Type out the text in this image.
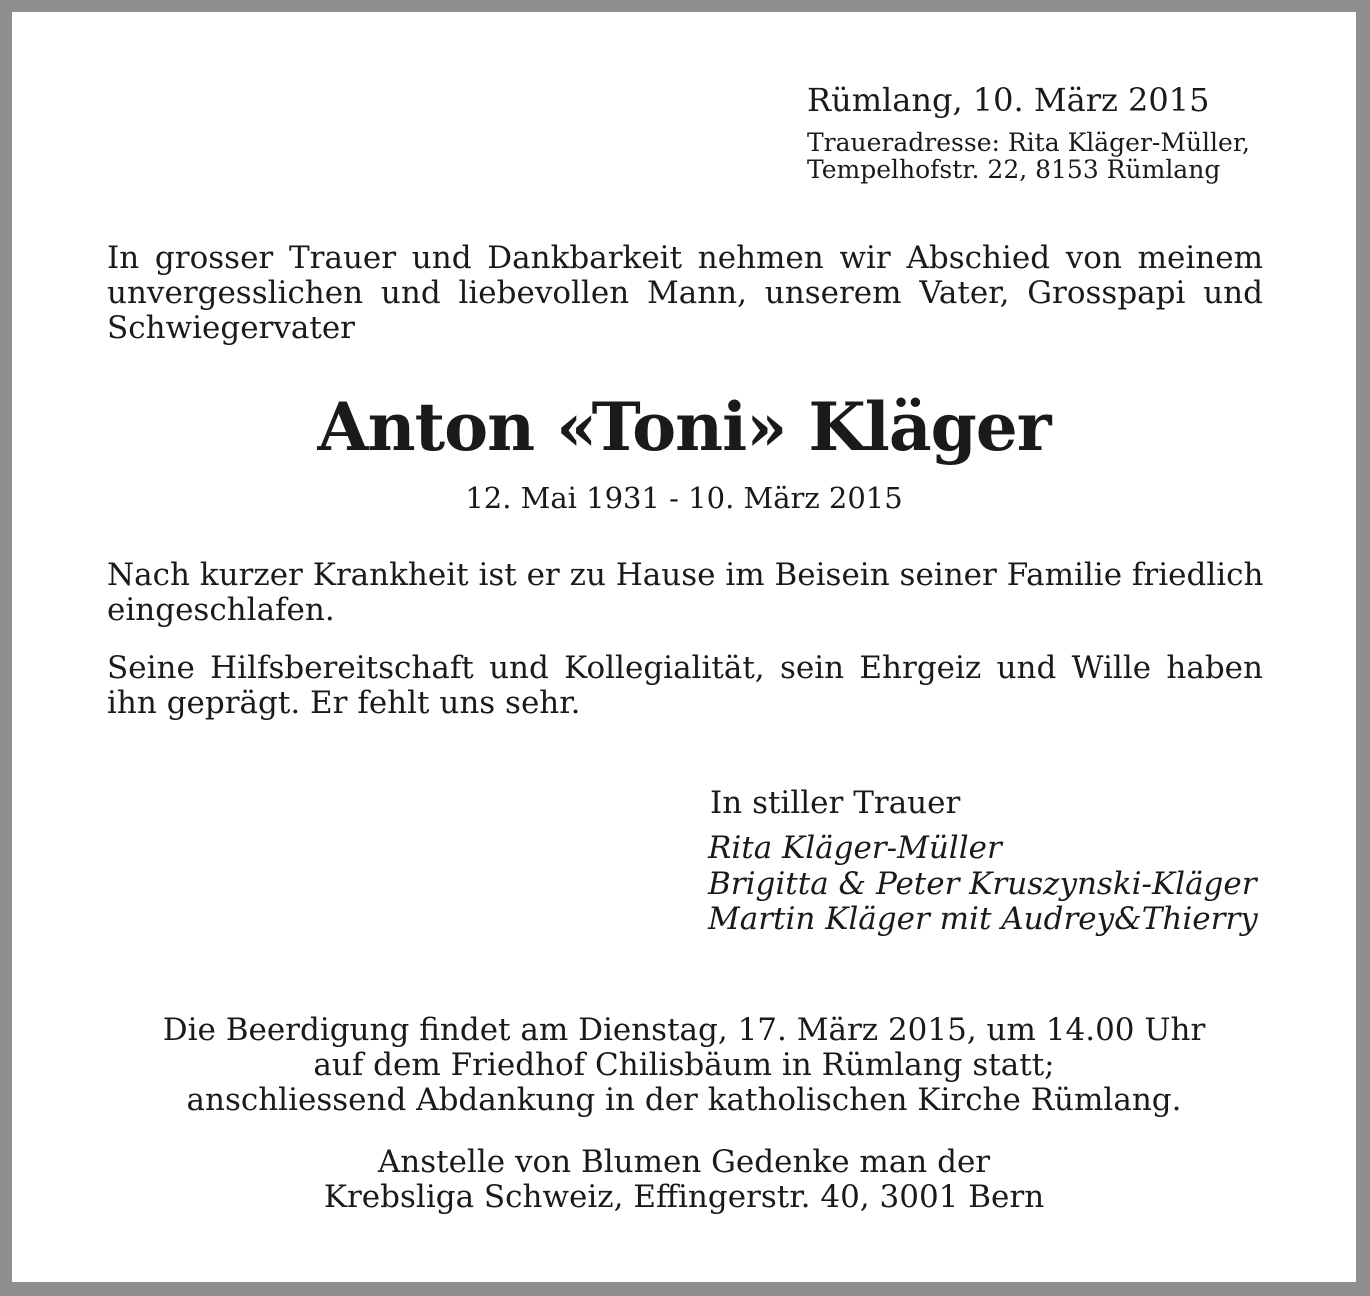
Rümlang, 10. März 2015

Traueradresse: Rita Kläger-Müller,

Tempelhofstr. 22, 8153 Rümlang

In grosser Trauer und Dankbarkeit nehmen wir Abschied von meinem

unvergesslichen und liebevollen Mann, unserem Vater, Grosspapi und

Schwiegervater

Anton «Toni» Kläger

12. Mai 1931 - 10. März 2015

Nach kurzer Krankheit ist er zu Hause im Beisein seiner Familie friedlich

eingeschlafen.

Seine Hilfsbereitschaft und Kollegialität, sein Ehrgeiz und Wille haben

ihn geprägt. Er fehlt uns sehr.

In stiller Trauer

Rita Kläger-Müller

Brigitta & Peter Kruszynski-Kläger

Martin Kläger mit Audrey&Thierry

Die Beerdigung findet am Dienstag, 17. März 2015, um 14.00 Uhr

auf dem Friedhof Chilisbäum in Rümlang statt;

anschliessend Abdankung in der katholischen Kirche Rümlang.

Anstelle von Blumen Gedenke man der

Krebsliga Schweiz, Effingerstr. 40, 3001 Bern
